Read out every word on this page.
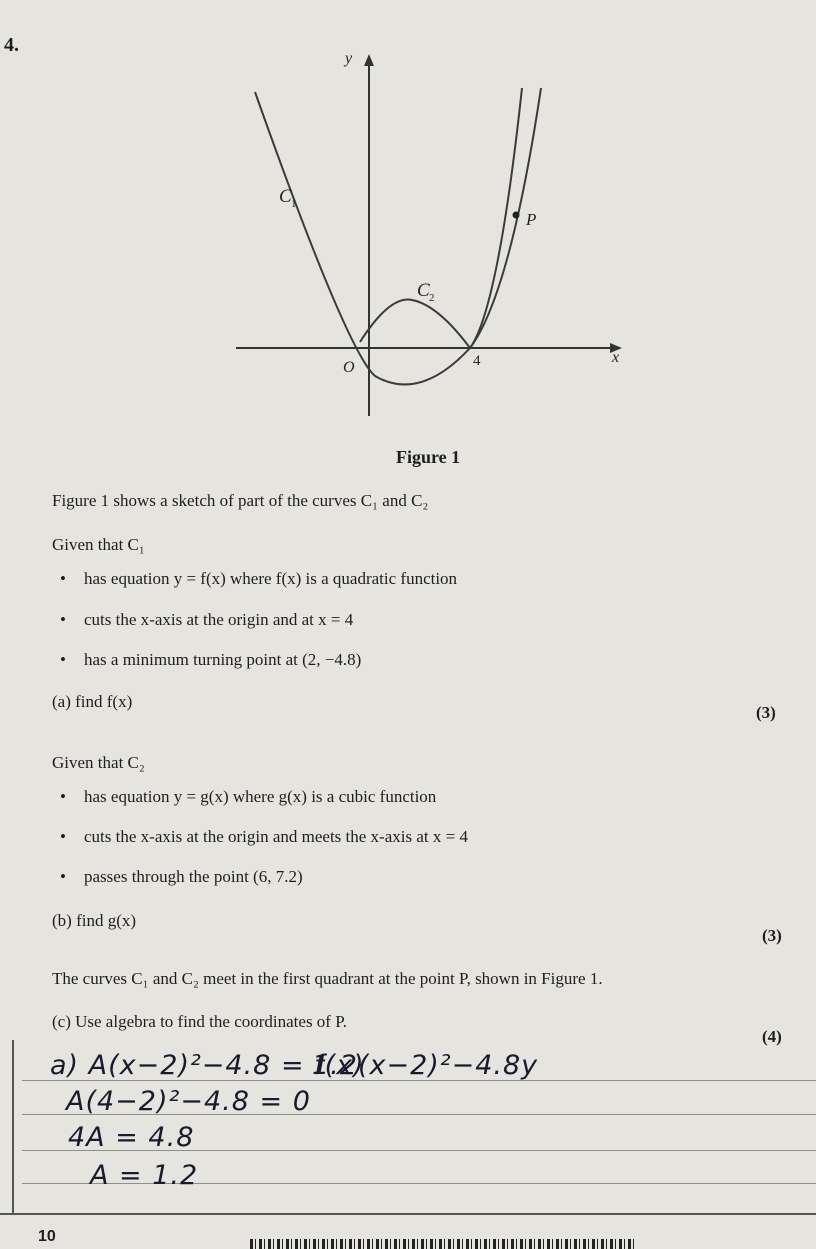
4.
y
x
O	4
C 1
C 2
P
Figure 1
Figure 1 shows a sketch of part of the curves C₁ and C₂
Given that C₁
• has equation y = f(x) where f(x) is a quadratic function
• cuts the x-axis at the origin and at x = 4
• has a minimum turning point at (2, −4.8)
(a) find f(x)
(3)
Given that C₂
• has equation y = g(x) where g(x) is a cubic function
• cuts the x-axis at the origin and meets the x-axis at x = 4
• passes through the point (6, 7.2)
(b) find g(x)
(3)
The curves C₁ and C₂ meet in the first quadrant at the point P, shown in Figure 1.
(c) Use algebra to find the coordinates of P.
(4)
a) A(x−2)²−4.8 = f(x)
1.2(x−2)²−4.8y
A(4−2)²−4.8 = 0
4A = 4.8
A = 1.2
10
